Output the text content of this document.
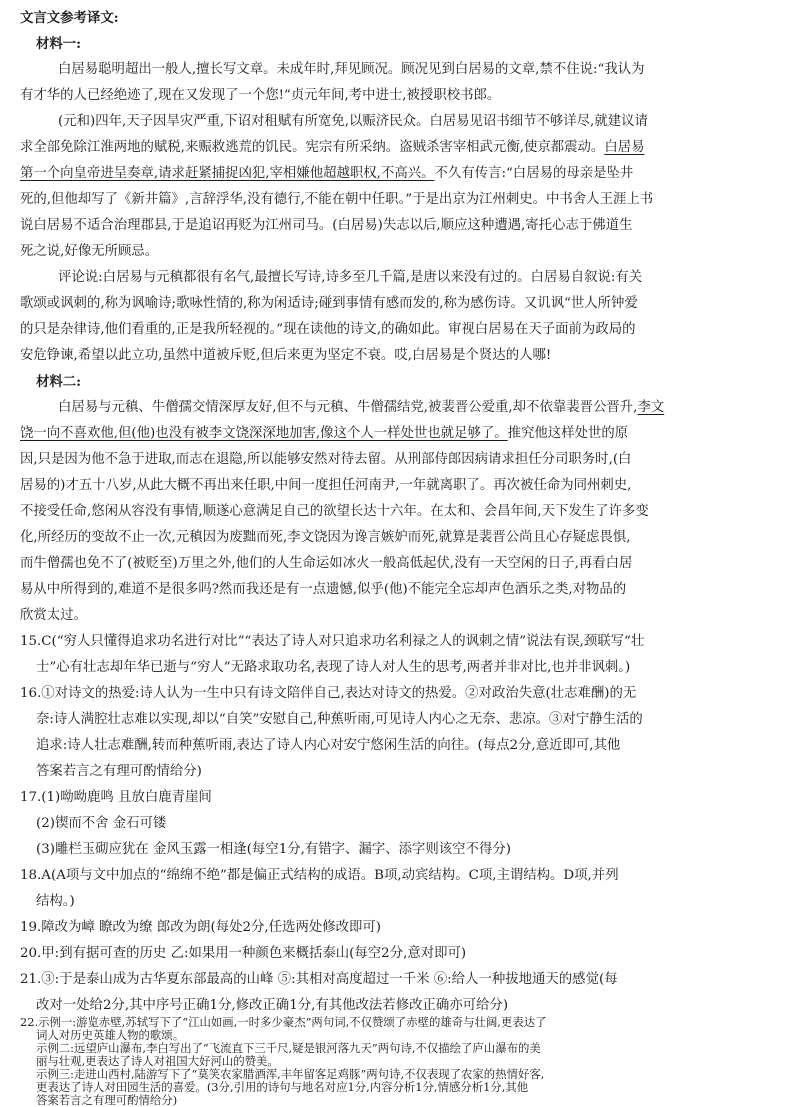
文言文参考译文:
材料一:
白居易聪明超出一般人,擅长写文章。未成年时,拜见顾况。顾况见到白居易的文章,禁不住说:“我认为
有才华的人已经绝迹了,现在又发现了一个您!”贞元年间,考中进士,被授职校书郎。
(元和)四年,天子因旱灾严重,下诏对租赋有所宽免,以赈济民众。白居易见诏书细节不够详尽,就建议请
求全部免除江淮两地的赋税,来赈救逃荒的饥民。宪宗有所采纳。盗贼杀害宰相武元衡,使京都震动。白居易
第一个向皇帝进呈奏章,请求赶紧捕捉凶犯,宰相嫌他超越职权,不高兴。不久有传言:“白居易的母亲是坠井
死的,但他却写了《新井篇》,言辞浮华,没有德行,不能在朝中任职。”于是出京为江州刺史。中书舍人王涯上书
说白居易不适合治理郡县,于是追诏再贬为江州司马。(白居易)失志以后,顺应这种遭遇,寄托心志于佛道生
死之说,好像无所顾忌。
评论说:白居易与元稹都很有名气,最擅长写诗,诗多至几千篇,是唐以来没有过的。白居易自叙说:有关
歌颂或讽刺的,称为讽喻诗;歌咏性情的,称为闲适诗;碰到事情有感而发的,称为感伤诗。又讥讽“世人所钟爱
的只是杂律诗,他们看重的,正是我所轻视的。”现在读他的诗文,的确如此。审视白居易在天子面前为政局的
安危铮谏,希望以此立功,虽然中道被斥贬,但后来更为坚定不衰。哎,白居易是个贤达的人哪!
材料二:
白居易与元稹、牛僧孺交情深厚友好,但不与元稹、牛僧孺结党,被裴晋公爱重,却不依靠裴晋公晋升,李文
饶一向不喜欢他,但(他)也没有被李文饶深深地加害,像这个人一样处世也就足够了。推究他这样处世的原
因,只是因为他不急于进取,而志在退隐,所以能够安然对待去留。从刑部侍郎因病请求担任分司职务时,(白
居易的)才五十八岁,从此大概不再出来任职,中间一度担任河南尹,一年就离职了。再次被任命为同州刺史,
不接受任命,悠闲从容没有事情,顺遂心意满足自己的欲望长达十六年。在太和、会昌年间,天下发生了许多变
化,所经历的变故不止一次,元稹因为废黜而死,李文饶因为谗言嫉妒而死,就算是裴晋公尚且心存疑虑畏惧,
而牛僧孺也免不了(被贬至)万里之外,他们的人生命运如冰火一般高低起伏,没有一天空闲的日子,再看白居
易从中所得到的,难道不是很多吗?然而我还是有一点遗憾,似乎(他)不能完全忘却声色酒乐之类,对物品的
欣赏太过。
15.C(“穷人只懂得追求功名进行对比”“表达了诗人对只追求功名利禄之人的讽刺之情”说法有误,颈联写“壮
士”心有壮志却年华已逝与“穷人”无路求取功名,表现了诗人对人生的思考,两者并非对比,也并非讽刺。)
16.①对诗文的热爱:诗人认为一生中只有诗文陪伴自己,表达对诗文的热爱。②对政治失意(壮志难酬)的无
奈:诗人满腔壮志难以实现,却以“自笑”安慰自己,种蕉听雨,可见诗人内心之无奈、悲凉。③对宁静生活的
追求:诗人壮志难酬,转而种蕉听雨,表达了诗人内心对安宁悠闲生活的向往。(每点2分,意近即可,其他
答案若言之有理可酌情给分)
17.(1)呦呦鹿鸣 且放白鹿青崖间
(2)锲而不舍 金石可镂
(3)雕栏玉砌应犹在 金风玉露一相逢(每空1分,有错字、漏字、添字则该空不得分)
18.A(A项与文中加点的“绵绵不绝”都是偏正式结构的成语。B项,动宾结构。C项,主谓结构。D项,并列
结构。)
19.障改为嶂 瞭改为缭 郎改为朗(每处2分,任选两处修改即可)
20.甲:到有据可查的历史 乙:如果用一种颜色来概括泰山(每空2分,意对即可)
21.③:于是泰山成为古华夏东部最高的山峰 ⑤:其相对高度超过一千米 ⑥:给人一种拔地通天的感觉(每
改对一处给2分,其中序号正确1分,修改正确1分,有其他改法若修改正确亦可给分)
22.示例一:游览赤壁,苏轼写下了“江山如画,一时多少豪杰”两句词,不仅赞颂了赤壁的雄奇与壮阔,更表达了
词人对历史英雄人物的歌颂。
示例二:远望庐山瀑布,李白写出了“飞流直下三千尺,疑是银河落九天”两句诗,不仅描绘了庐山瀑布的美
丽与壮观,更表达了诗人对祖国大好河山的赞美。
示例三:走进山西村,陆游写下了“莫笑农家腊酒浑,丰年留客足鸡豚”两句诗,不仅表现了农家的热情好客,
更表达了诗人对田园生活的喜爱。(3分,引用的诗句与地名对应1分,内容分析1分,情感分析1分,其他
答案若言之有理可酌情给分)
